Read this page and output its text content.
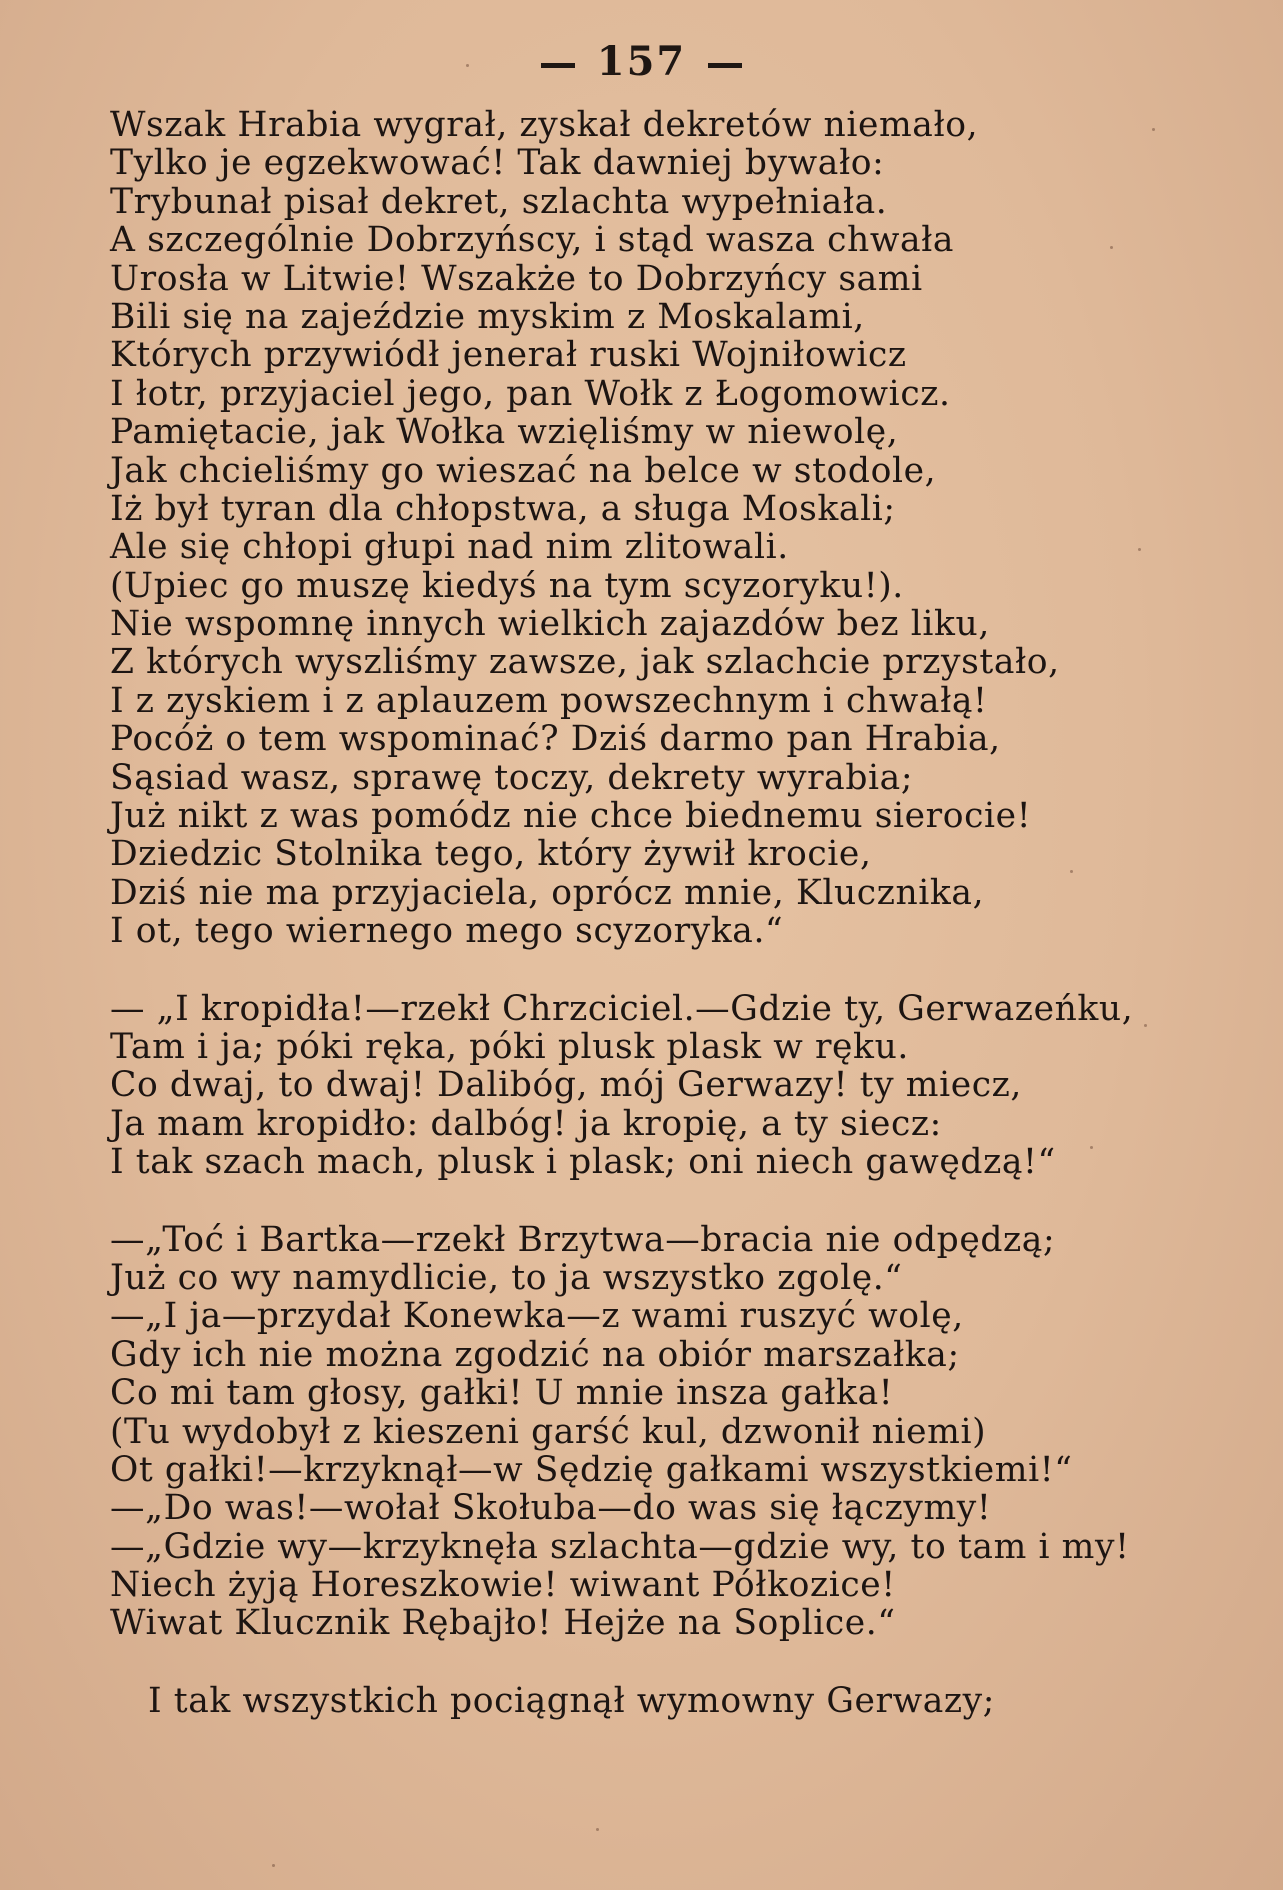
157
Wszak Hrabia wygrał, zyskał dekretów niemało,
Tylko je egzekwować! Tak dawniej bywało:
Trybunał pisał dekret, szlachta wypełniała.
A szczególnie Dobrzyńscy, i stąd wasza chwała
Urosła w Litwie! Wszakże to Dobrzyńcy sami
Bili się na zajeździe myskim z Moskalami,
Których przywiódł jenerał ruski Wojniłowicz
I łotr, przyjaciel jego, pan Wołk z Łogomowicz.
Pamiętacie, jak Wołka wzięliśmy w niewolę,
Jak chcieliśmy go wieszać na belce w stodole,
Iż był tyran dla chłopstwa, a sługa Moskali;
Ale się chłopi głupi nad nim zlitowali.
(Upiec go muszę kiedyś na tym scyzoryku!).
Nie wspomnę innych wielkich zajazdów bez liku,
Z których wyszliśmy zawsze, jak szlachcie przystało,
I z zyskiem i z aplauzem powszechnym i chwałą!
Pocóż o tem wspominać? Dziś darmo pan Hrabia,
Sąsiad wasz, sprawę toczy, dekrety wyrabia;
Już nikt z was pomódz nie chce biednemu sierocie!
Dziedzic Stolnika tego, który żywił krocie,
Dziś nie ma przyjaciela, oprócz mnie, Klucznika,
I ot, tego wiernego mego scyzoryka.“
— „I kropidła!—rzekł Chrzciciel.—Gdzie ty, Gerwazeńku,
Tam i ja; póki ręka, póki plusk plask w ręku.
Co dwaj, to dwaj! Dalibóg, mój Gerwazy! ty miecz,
Ja mam kropidło: dalbóg! ja kropię, a ty siecz:
I tak szach mach, plusk i plask; oni niech gawędzą!“
—„Toć i Bartka—rzekł Brzytwa—bracia nie odpędzą;
Już co wy namydlicie, to ja wszystko zgolę.“
—„I ja—przydał Konewka—z wami ruszyć wolę,
Gdy ich nie można zgodzić na obiór marszałka;
Co mi tam głosy, gałki! U mnie insza gałka!
(Tu wydobył z kieszeni garść kul, dzwonił niemi)
Ot gałki!—krzyknął—w Sędzię gałkami wszystkiemi!“
—„Do was!—wołał Skołuba—do was się łączymy!
—„Gdzie wy—krzyknęła szlachta—gdzie wy, to tam i my!
Niech żyją Horeszkowie! wiwant Półkozice!
Wiwat Klucznik Rębajło! Hejże na Soplice.“
I tak wszystkich pociągnął wymowny Gerwazy;
